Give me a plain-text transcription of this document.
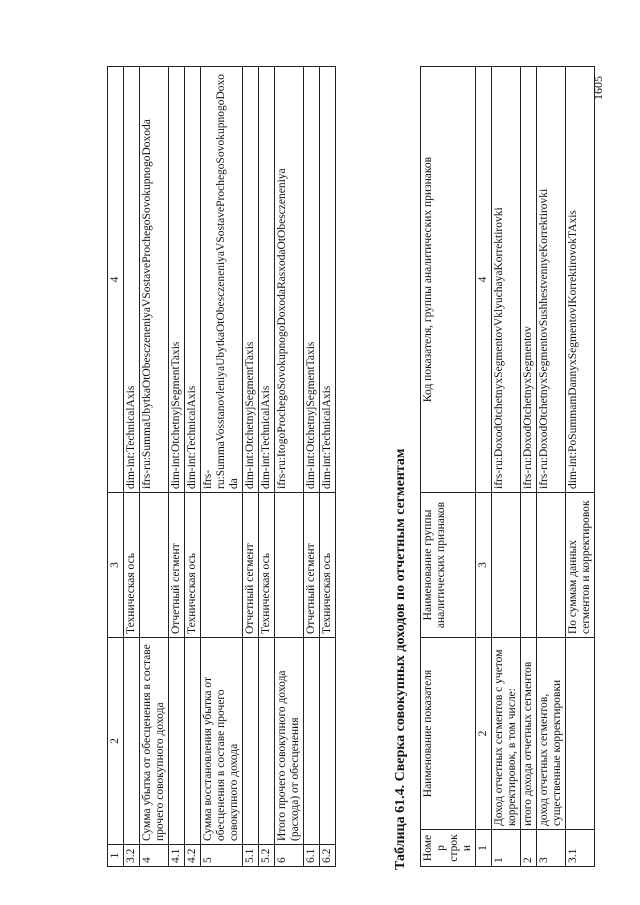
1	2	3	4
3.2		Техническая ось	dim-int:TechnicalAxis
4	Сумма убытка от обесценения в составе прочего совокупного дохода		ifrs-ru:SummaUbytkaOtObesczeneniyaVSostaveProchegoSovokupnogoDoxoda
4.1		Отчетный сегмент	dim-int:OtchetnyjSegmentTaxis
4.2		Техническая ось	dim-int:TechnicalAxis
5	Сумма восстановления убытка от обесценения в составе прочего совокупного дохода		ifrs-ru:SummaVosstanovleniyaUbytkaOtObesczeneniyaVSostaveProchegoSovokupnogoDoxoda
5.1		Отчетный сегмент	dim-int:OtchetnyjSegmentTaxis
5.2		Техническая ось	dim-int:TechnicalAxis
6	Итого прочего совокупного дохода (расхода) от обесценения		ifrs-ru:ItogoProchegoSovokupnogoDoxodaRasxodaOtObesczeneniya
6.1		Отчетный сегмент	dim-int:OtchetnyjSegmentTaxis
6.2		Техническая ось	dim-int:TechnicalAxis
Таблица 61.4. Сверка совокупных доходов по отчетным сегментам Номер строки	Наименование показателя	Наименование группы аналитических признаков	Код показателя, группы аналитических признаков
1	2	3	4
1	Доход отчетных сегментов с учетом корректировок, в том числе:		ifrs-ru:DoxodOtchetnyxSegmentovVklyuchayaKorrektirovki
2	итого дохода отчетных сегментов		ifrs-ru:DoxodOtchetnyxSegmentov
3	доход отчетных сегментов, существенные корректировки		ifrs-ru:DoxodOtchetnyxSegmentovSushhestvennyeKorrektirovki
3.1		По суммам данных сегментов и корректировок	dim-int:PoSummamDannyxSegmentovIKorrektirovokTAxis
1605
